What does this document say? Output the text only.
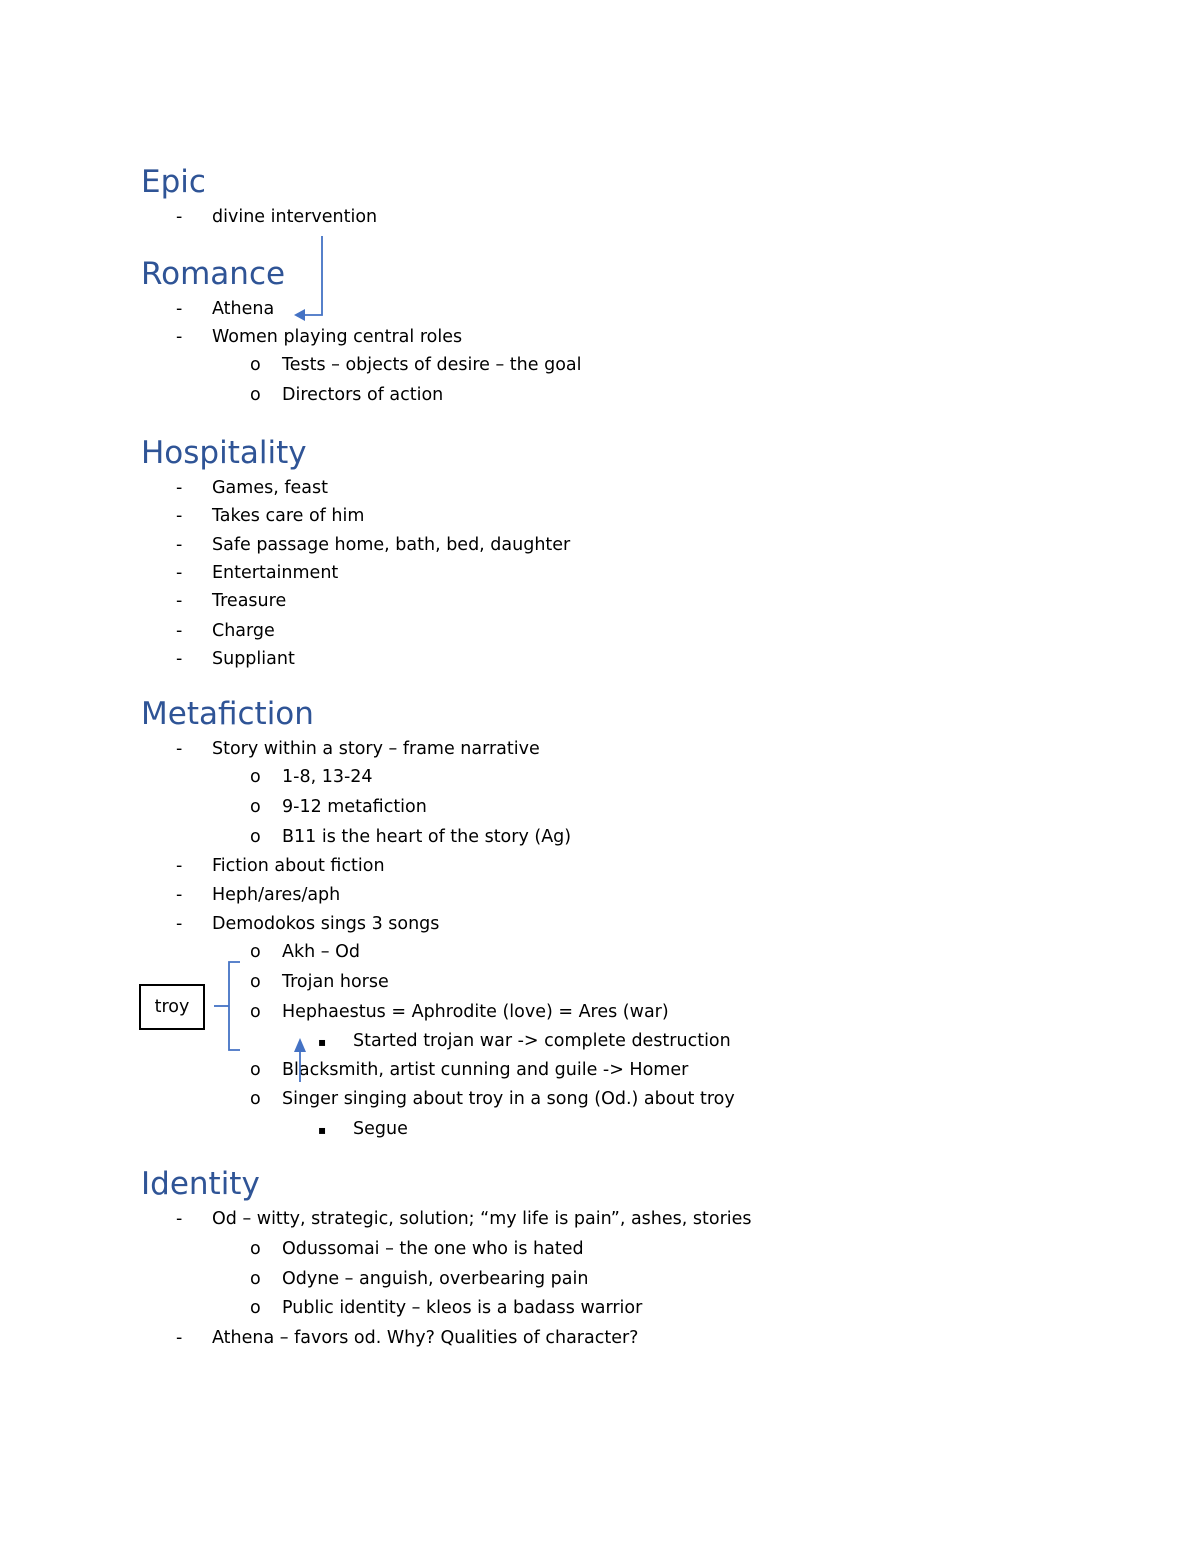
Epic
- divine intervention
Romance
- Athena
- Women playing central roles
o Tests – objects of desire – the goal
o Directors of action
Hospitality
- Games, feast
- Takes care of him
- Safe passage home, bath, bed, daughter
- Entertainment
- Treasure
- Charge
- Suppliant
Metafiction
- Story within a story – frame narrative
o 1-8, 13-24
o 9-12 metafiction
o B11 is the heart of the story (Ag)
- Fiction about fiction
- Heph/ares/aph
- Demodokos sings 3 songs
o Akh – Od
o Trojan horse
o Hephaestus = Aphrodite (love) = Ares (war)
▪ Started trojan war -> complete destruction
o Blacksmith, artist cunning and guile -> Homer
o Singer singing about troy in a song (Od.) about troy
▪ Segue
Identity
- Od – witty, strategic, solution; “my life is pain”, ashes, stories
o Odussomai – the one who is hated
o Odyne – anguish, overbearing pain
o Public identity – kleos is a badass warrior
- Athena – favors od. Why? Qualities of character?
troy
